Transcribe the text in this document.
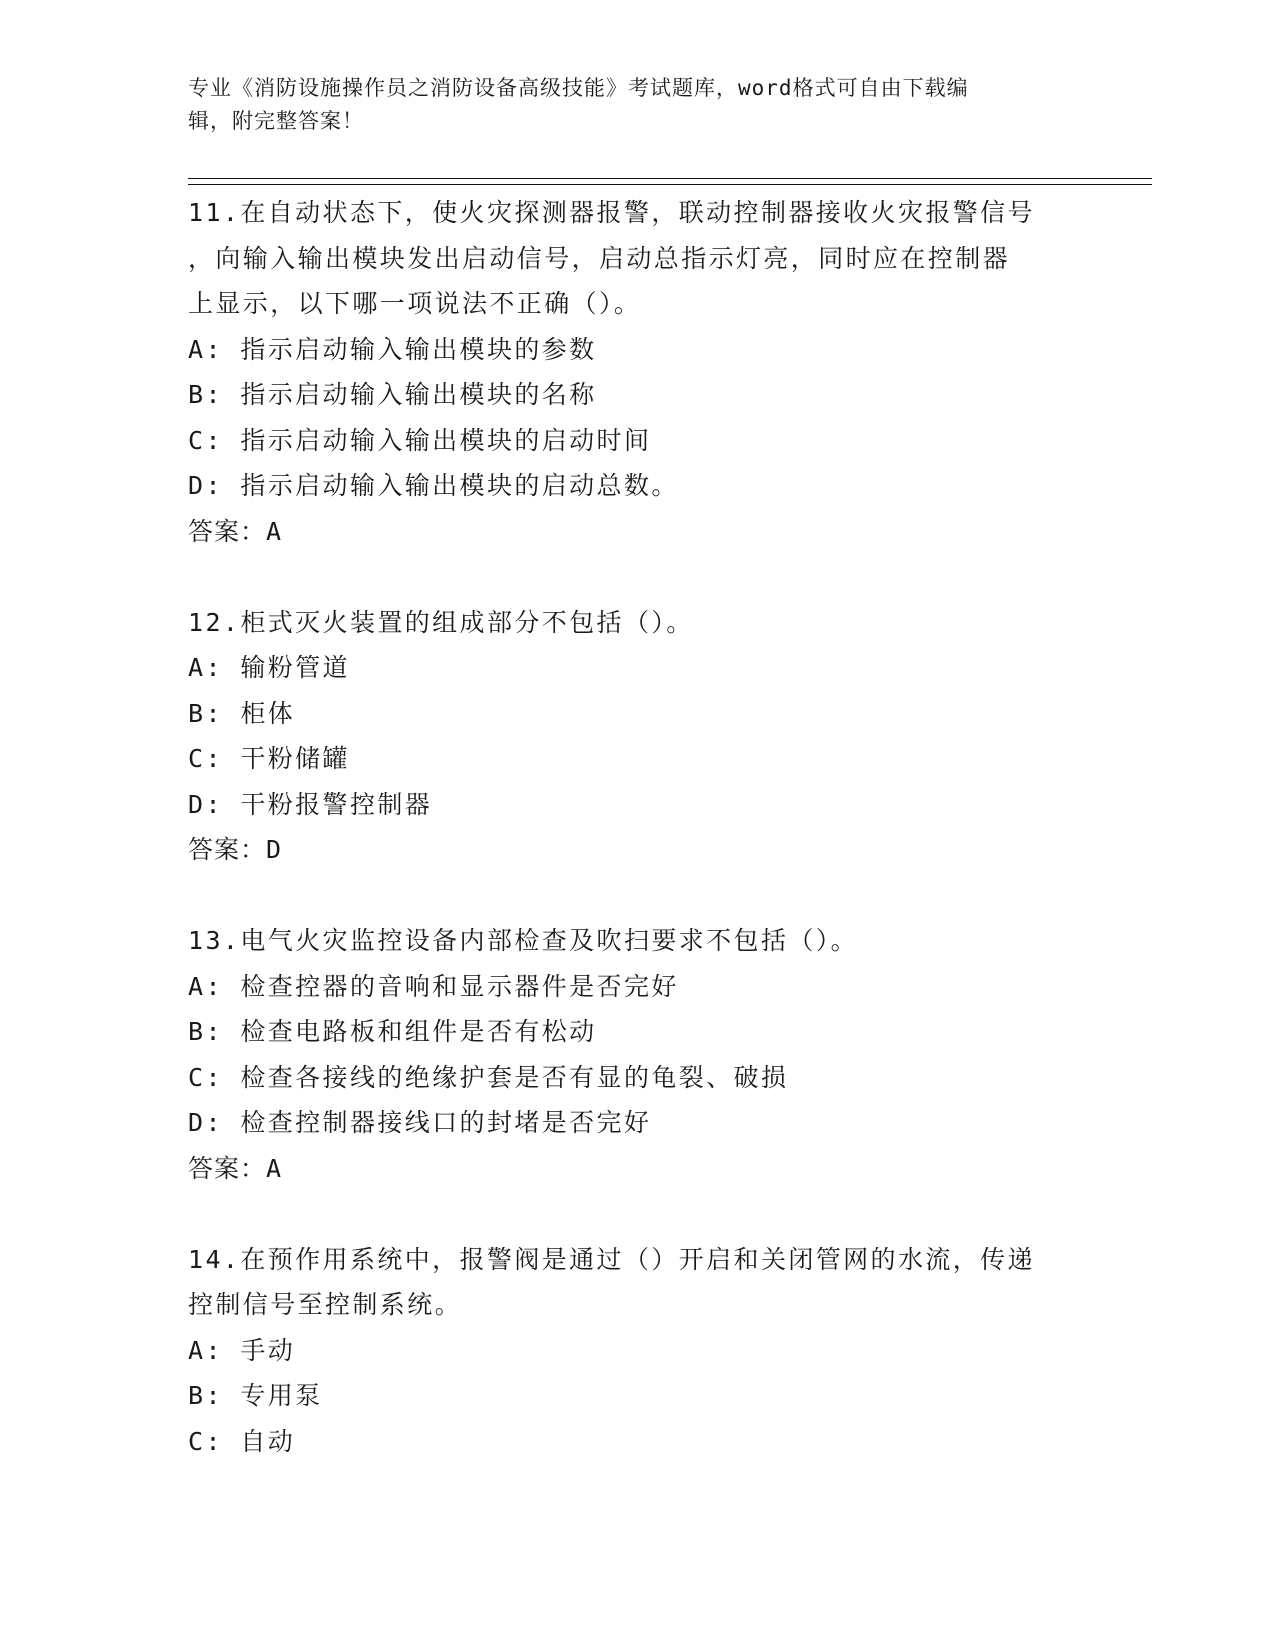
专业《消防设施操作员之消防设备高级技能》考试题库，word格式可自由下载编
辑，附完整答案！
11.在自动状态下，使火灾探测器报警，联动控制器接收火灾报警信号
，向输入输出模块发出启动信号，启动总指示灯亮，同时应在控制器
上显示，以下哪一项说法不正确（）。
A: 指示启动输入输出模块的参数
B: 指示启动输入输出模块的名称
C: 指示启动输入输出模块的启动时间
D: 指示启动输入输出模块的启动总数。
答案：A
12.柜式灭火装置的组成部分不包括（）。
A: 输粉管道
B: 柜体
C: 干粉储罐
D: 干粉报警控制器
答案：D
13.电气火灾监控设备内部检查及吹扫要求不包括（）。
A: 检查控器的音响和显示器件是否完好
B: 检查电路板和组件是否有松动
C: 检查各接线的绝缘护套是否有显的龟裂、破损
D: 检查控制器接线口的封堵是否完好
答案：A
14.在预作用系统中，报警阀是通过（）开启和关闭管网的水流，传递
控制信号至控制系统。
A: 手动
B: 专用泵
C: 自动
